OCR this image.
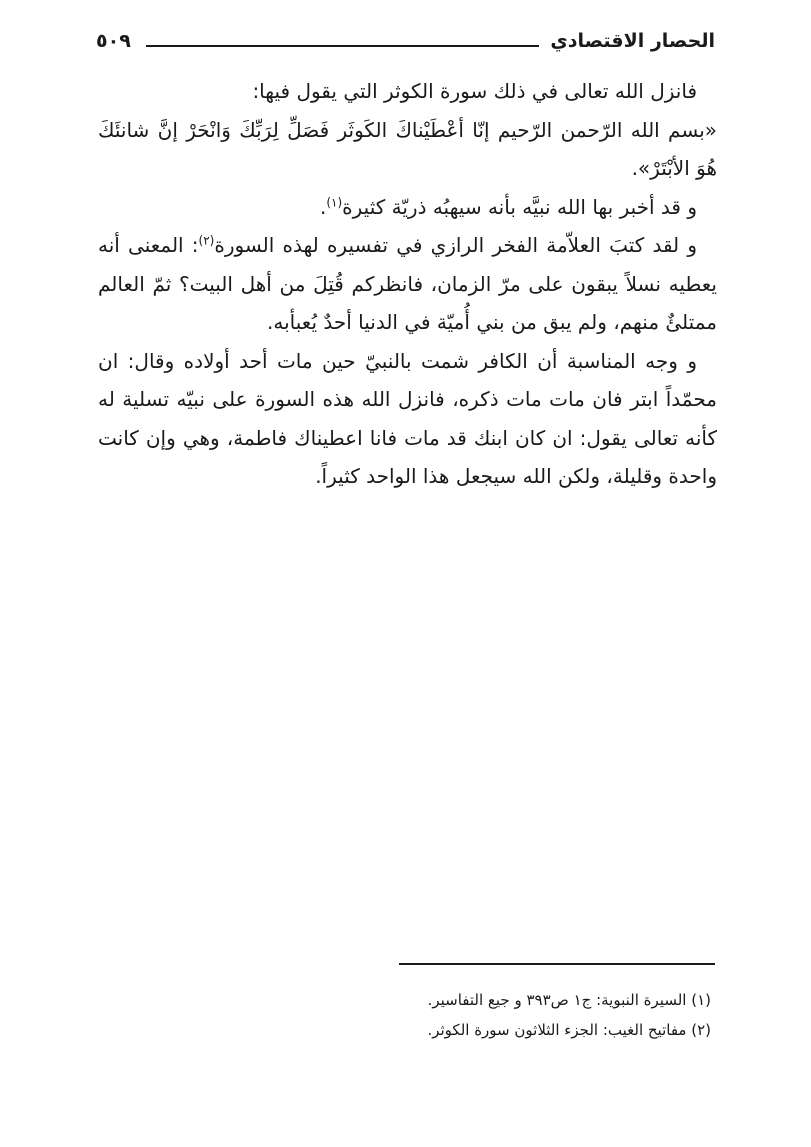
الحصار الاقتصادي
٥٠٩

فانزل الله تعالى في ذلك سورة الكوثر التي يقول فيها:

«بسم الله الرّحمن الرّحيم إنّا أعْطَيْناكَ الكَوثَر فَصَلِّ لِرَبِّكَ وَانْحَرْ إنَّ شانئَكَ هُوَ الأبْتَرْ».

و قد أخبر بها الله نبيَّه بأنه سيهبُه ذريّة كثيرة$^{(١)}$.

و لقد كتبَ العلاّمة الفخر الرازي في تفسيره لهذه السورة$^{(٢)}$: المعنى أنه يعطيه نسلاً يبقون على مرّ الزمان، فانظركم قُتِلَ من أهل البيت؟ ثمّ العالم ممتلئٌ منهم، ولم يبق من بني أُميّة في الدنيا أحدٌ يُعبأبه.

و وجه المناسبة أن الكافر شمت بالنبيّ حين مات أحد أولاده وقال: ان محمّداً ابتر فان مات مات ذكره، فانزل الله هذه السورة على نبيّه تسلية له كأنه تعالى يقول: ان كان ابنك قد مات فانا اعطيناك فاطمة، وهي وإن كانت واحدة وقليلة، ولكن الله سيجعل هذا الواحد كثيراً.

(١) السيرة النبوية: ج١ ص٣٩٣ و جيع التفاسير.
(٢) مفاتيح الغيب: الجزء الثلاثون سورة الكوثر.
